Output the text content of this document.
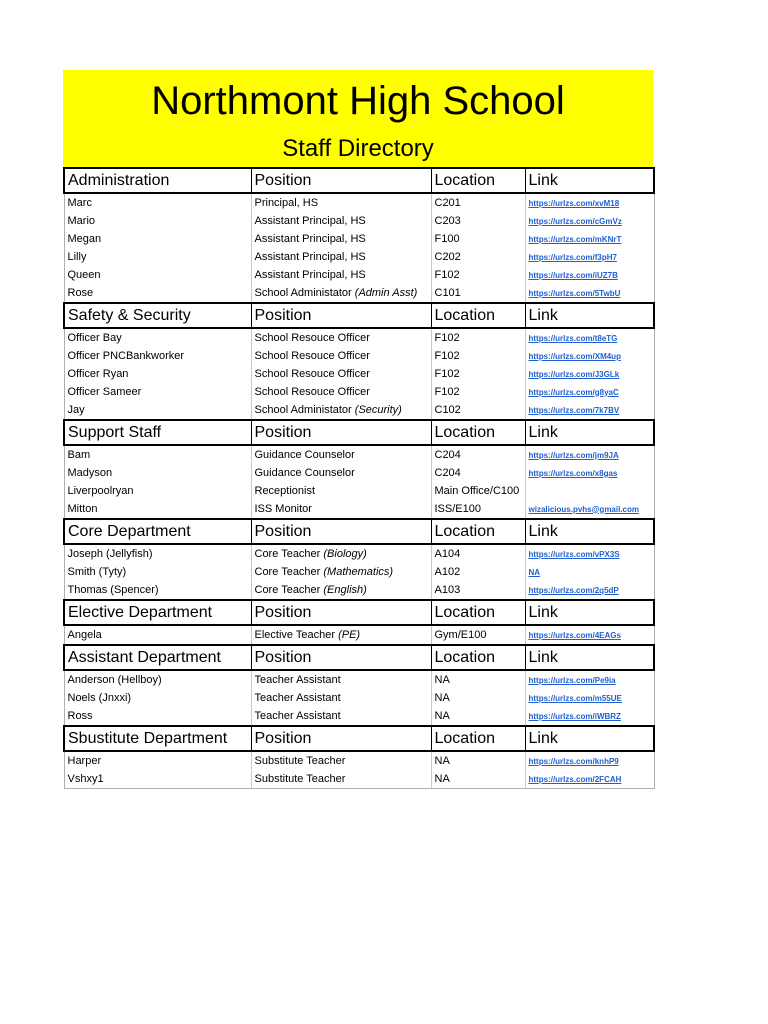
Northmont High School
Staff Directory
Administration	Position	Location	Link
Marc	Principal, HS	C201	https://urlzs.com/xvM18
Mario	Assistant Principal, HS	C203	https://urlzs.com/cGmVz
Megan	Assistant Principal, HS	F100	https://urlzs.com/mKNrT
Lilly	Assistant Principal, HS	C202	https://urlzs.com/f3pH7
Queen	Assistant Principal, HS	F102	https://urlzs.com/iUZ7B
Rose	School Administator (Admin Asst)	C101	https://urlzs.com/5TwbU
Safety & Security	Position	Location	Link
Officer Bay	School Resouce Officer	F102	https://urlzs.com/t8eTG
Officer PNCBankworker	School Resouce Officer	F102	https://urlzs.com/XM4up
Officer Ryan	School Resouce Officer	F102	https://urlzs.com/J3GLk
Officer Sameer	School Resouce Officer	F102	https://urlzs.com/g8yaC
Jay	School Administator (Security)	C102	https://urlzs.com/7k7BV
Support Staff	Position	Location	Link
Bam	Guidance Counselor	C204	https://urlzs.com/jm9JA
Madyson	Guidance Counselor	C204	https://urlzs.com/x8gas
Liverpoolryan	Receptionist	Main Office/C100	
Mitton	ISS Monitor	ISS/E100	wizalicious.pvhs@gmail.com
Core Department	Position	Location	Link
Joseph (Jellyfish)	Core Teacher (Biology)	A104	https://urlzs.com/vPX3S
Smith (Tyty)	Core Teacher (Mathematics)	A102	NA
Thomas (Spencer)	Core Teacher (English)	A103	https://urlzs.com/2q5dP
Elective Department	Position	Location	Link
Angela	Elective Teacher (PE)	Gym/E100	https://urlzs.com/4EAGs
Assistant Department	Position	Location	Link
Anderson (Hellboy)	Teacher Assistant	NA	https://urlzs.com/Pe9ia
Noels (Jnxxi)	Teacher Assistant	NA	https://urlzs.com/m55UE
Ross	Teacher Assistant	NA	https://urlzs.com/iWBRZ
Sbustitute Department	Position	Location	Link
Harper	Substitute Teacher	NA	https://urlzs.com/knhP9
Vshxy1	Substitute Teacher	NA	https://urlzs.com/2FCAH
